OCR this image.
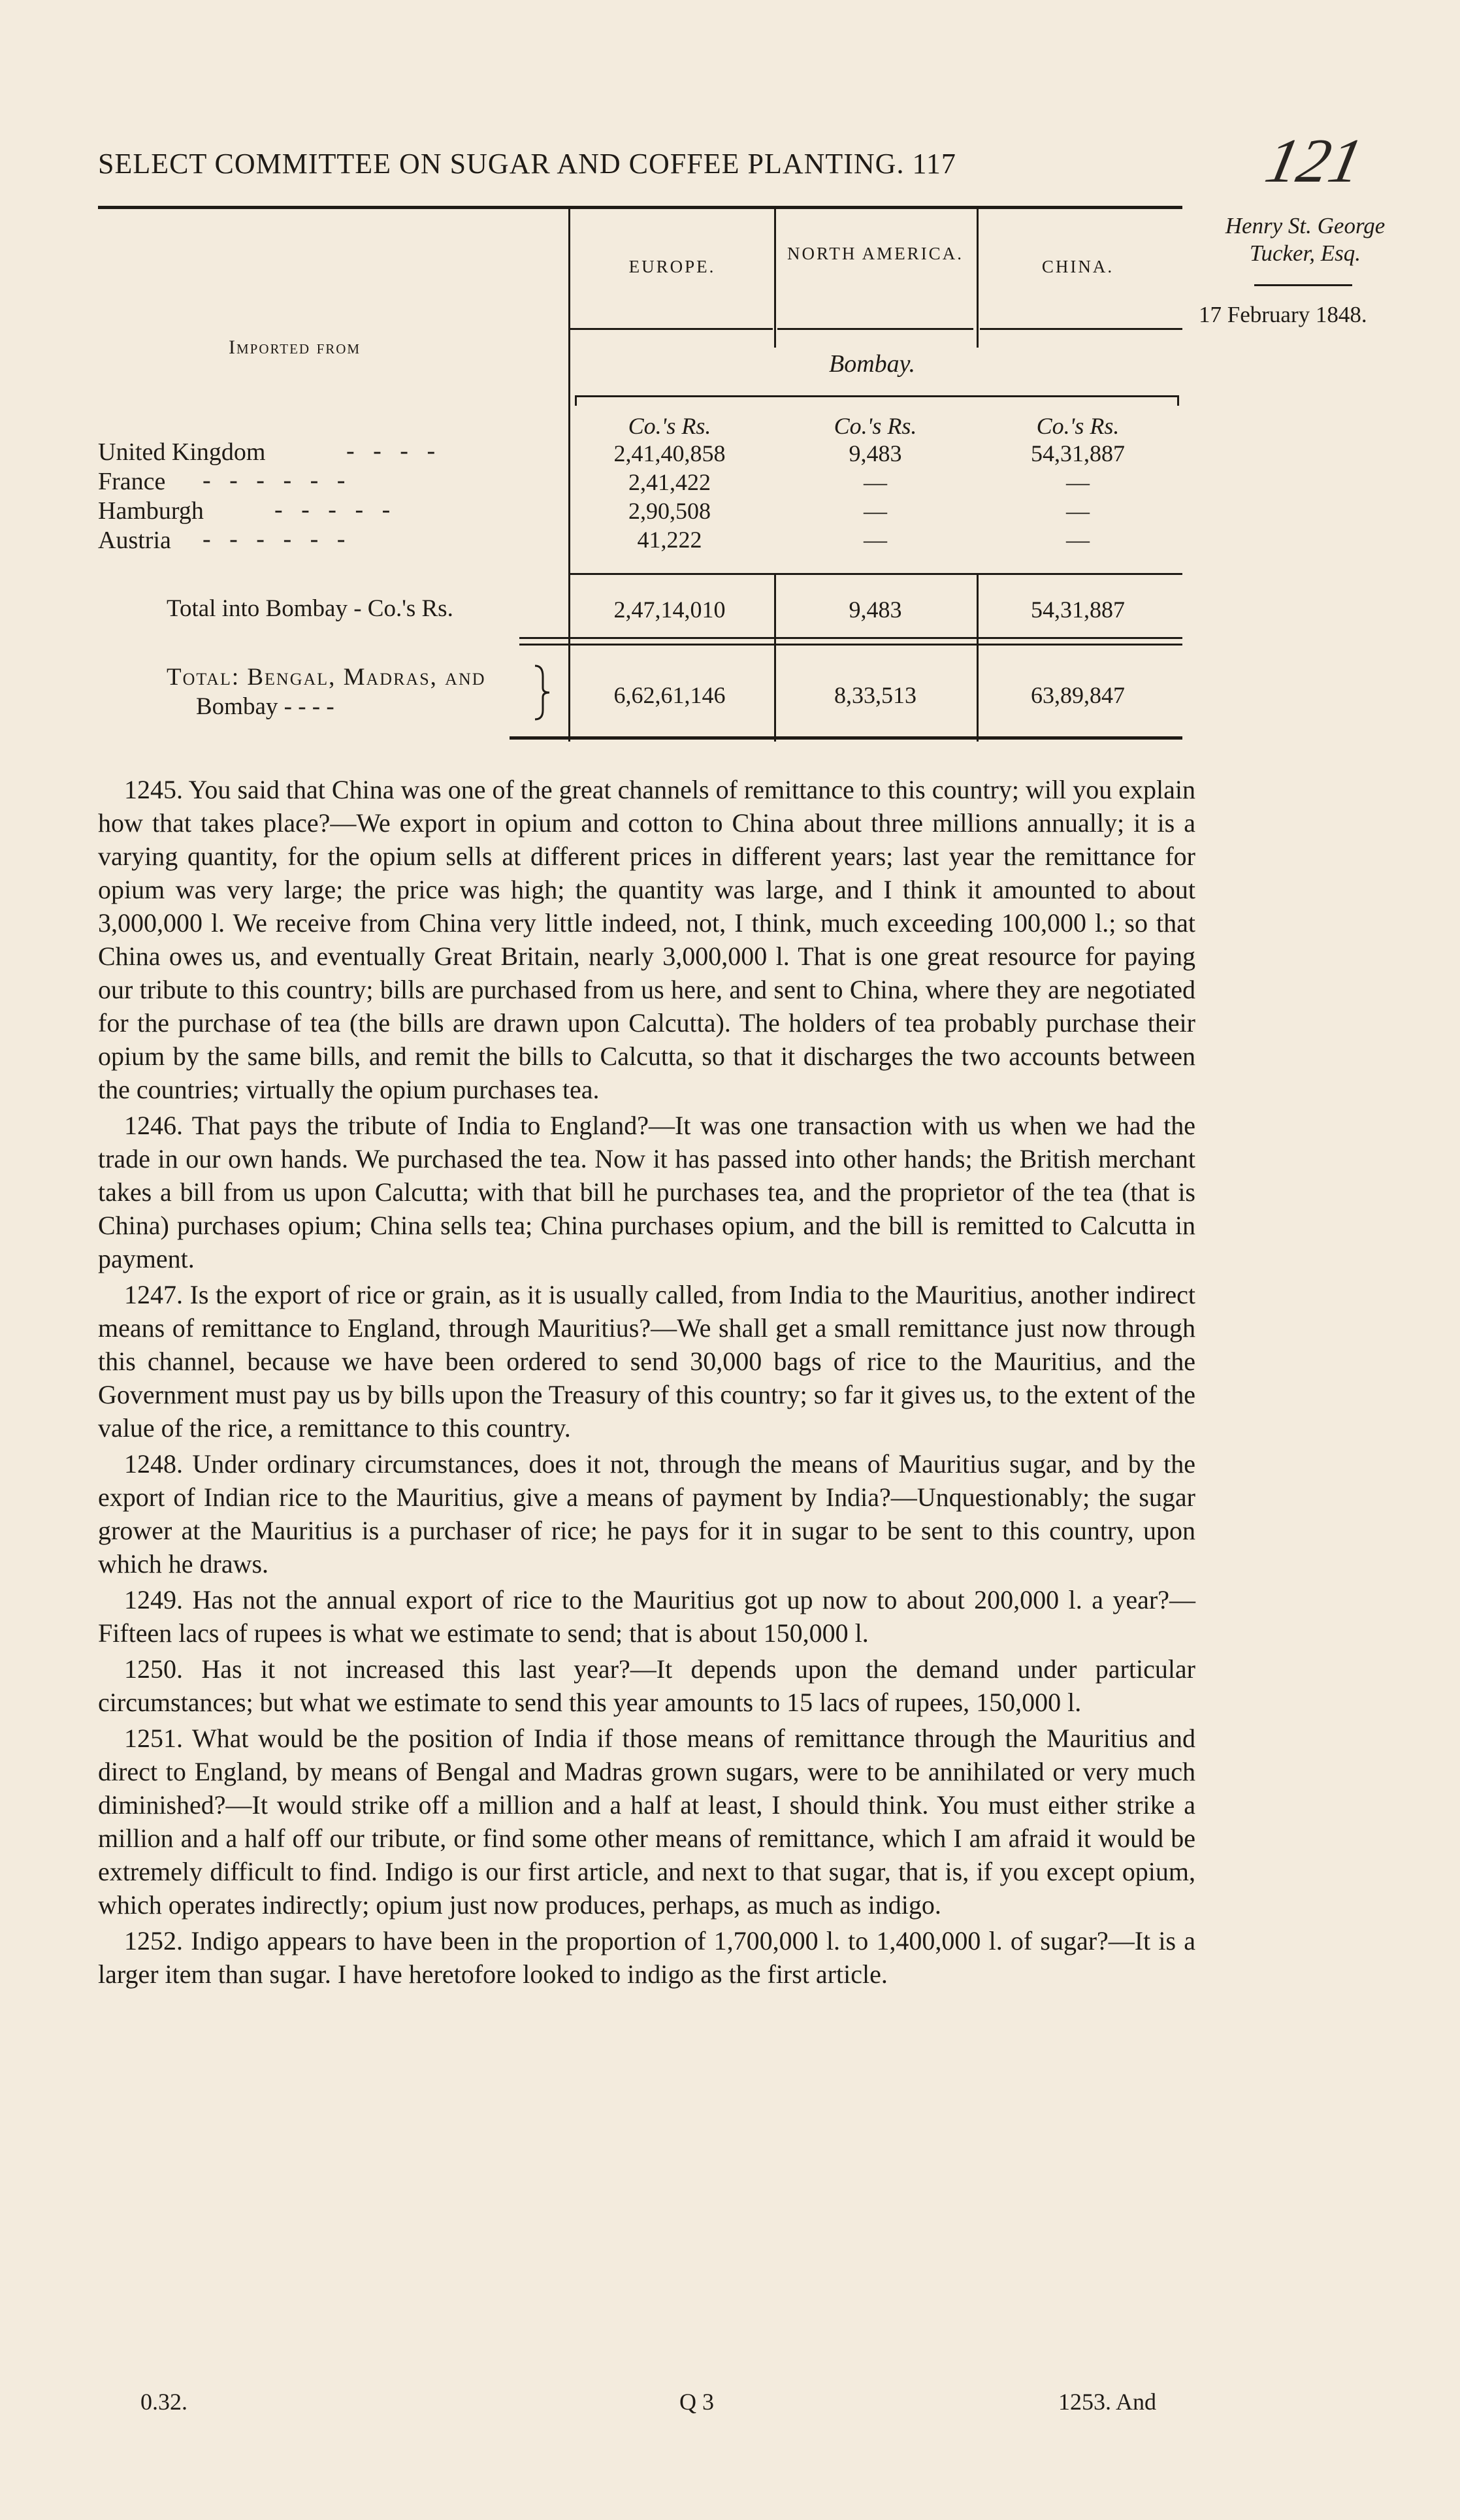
SELECT COMMITTEE ON SUGAR AND COFFEE PLANTING. 117	121
Henry St. George Tucker, Esq.
17 February 1848.
EUROPE.
NORTH AMERICA.
CHINA.
Imported from
Bombay.
Co.'s Rs.	Co.'s Rs.	Co.'s Rs.
United Kingdom	-   -   -   -	2,41,40,858	9,483	54,31,887
France -   -   -   -   -   -	2,41,422	—	—
Hamburgh	-   -   -   -   -	2,90,508	—	—
Austria -   -   -   -   -   -	41,222	—	—
Total into Bombay - Co.'s Rs.	2,47,14,010	9,483	54,31,887
Total: Bengal, Madras, and
Bombay - - - -	6,62,61,146	8,33,513	63,89,847

1245. You said that China was one of the great channels of remittance to this country; will you explain how that takes place?—We export in opium and cotton to China about three millions annually; it is a varying quantity, for the opium sells at different prices in different years; last year the remittance for opium was very large; the price was high; the quantity was large, and I think it amounted to about 3,000,000 l. We receive from China very little indeed, not, I think, much exceeding 100,000 l.; so that China owes us, and eventually Great Britain, nearly 3,000,000 l. That is one great resource for paying our tribute to this country; bills are purchased from us here, and sent to China, where they are negotiated for the purchase of tea (the bills are drawn upon Calcutta). The holders of tea probably purchase their opium by the same bills, and remit the bills to Calcutta, so that it discharges the two accounts between the countries; virtually the opium purchases tea.

1246. That pays the tribute of India to England?—It was one transaction with us when we had the trade in our own hands. We purchased the tea. Now it has passed into other hands; the British merchant takes a bill from us upon Calcutta; with that bill he purchases tea, and the proprietor of the tea (that is China) purchases opium; China sells tea; China purchases opium, and the bill is remitted to Calcutta in payment.

1247. Is the export of rice or grain, as it is usually called, from India to the Mauritius, another indirect means of remittance to England, through Mauritius?—We shall get a small remittance just now through this channel, because we have been ordered to send 30,000 bags of rice to the Mauritius, and the Government must pay us by bills upon the Treasury of this country; so far it gives us, to the extent of the value of the rice, a remittance to this country.

1248. Under ordinary circumstances, does it not, through the means of Mauritius sugar, and by the export of Indian rice to the Mauritius, give a means of payment by India?—Unquestionably; the sugar grower at the Mauritius is a purchaser of rice; he pays for it in sugar to be sent to this country, upon which he draws.

1249. Has not the annual export of rice to the Mauritius got up now to about 200,000 l. a year?—Fifteen lacs of rupees is what we estimate to send; that is about 150,000 l.

1250. Has it not increased this last year?—It depends upon the demand under particular circumstances; but what we estimate to send this year amounts to 15 lacs of rupees, 150,000 l.

1251. What would be the position of India if those means of remittance through the Mauritius and direct to England, by means of Bengal and Madras grown sugars, were to be annihilated or very much diminished?—It would strike off a million and a half at least, I should think. You must either strike a million and a half off our tribute, or find some other means of remittance, which I am afraid it would be extremely difficult to find. Indigo is our first article, and next to that sugar, that is, if you except opium, which operates indirectly; opium just now produces, perhaps, as much as indigo.

1252. Indigo appears to have been in the proportion of 1,700,000 l. to 1,400,000 l. of sugar?—It is a larger item than sugar. I have heretofore looked to indigo as the first article.

0.32.	Q 3	1253. And
